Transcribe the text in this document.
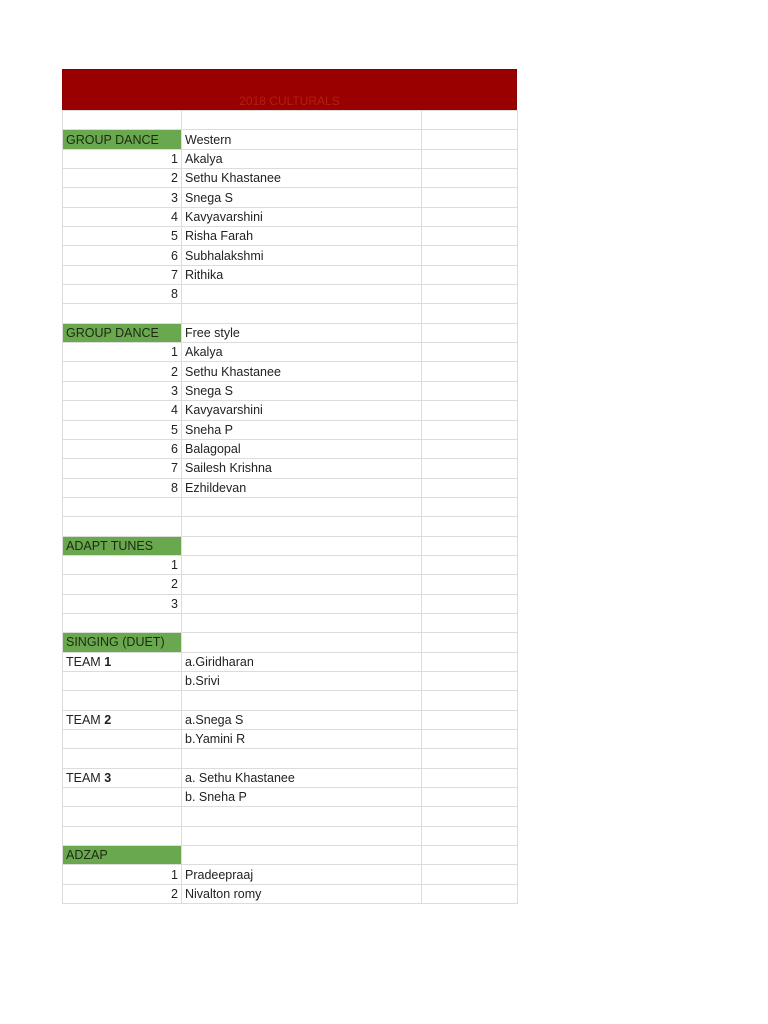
2018 CULTURALS

GROUP DANCE	Western	
1	Akalya	
2	Sethu Khastanee	
3	Snega S	
4	Kavyavarshini	
5	Risha Farah	
6	Subhalakshmi	
7	Rithika	
8		

GROUP DANCE	Free style	
1	Akalya	
2	Sethu Khastanee	
3	Snega S	
4	Kavyavarshini	
5	Sneha P	
6	Balagopal	
7	Sailesh Krishna	
8	Ezhildevan	

ADAPT TUNES		
1		
2		
3		

SINGING (DUET)		
TEAM 1	a.Giridharan	
	b.Srivi	

TEAM 2	a.Snega S	
	b.Yamini R	

TEAM 3	a. Sethu Khastanee	
	b. Sneha P	

ADZAP		
1	Pradeepraaj	
2	Nivalton romy	
